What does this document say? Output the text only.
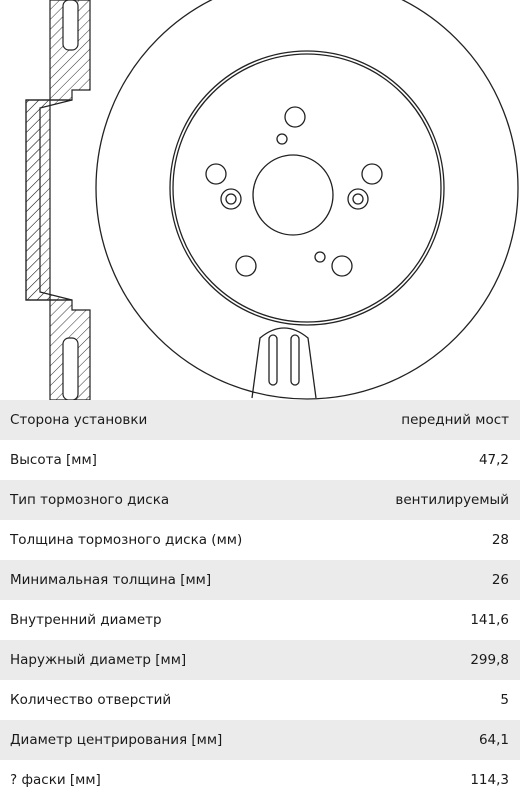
Сторона установки	передний мост
Высота [мм]	47,2
Тип тормозного диска	вентилируемый
Толщина тормозного диска (мм)	28
Минимальная толщина [мм]	26
Внутренний диаметр	141,6
Наружный диаметр [мм]	299,8
Количество отверстий	5
Диаметр центрирования [мм]	64,1
? фаски [мм]	114,3
